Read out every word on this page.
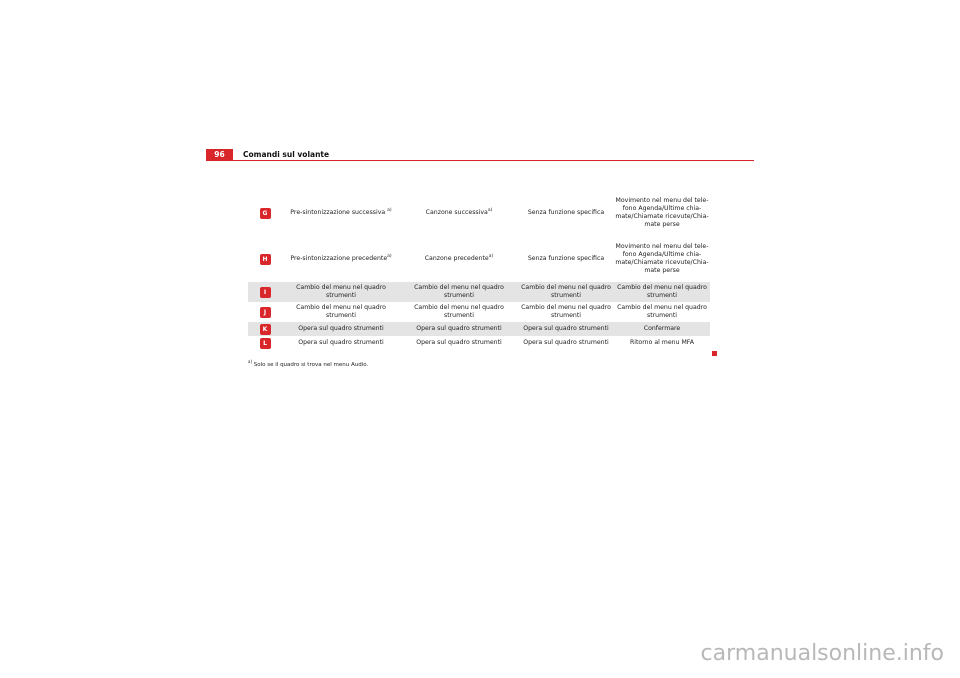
96	Comandi sul volante
G	Pre-sintonizzazione successiva $^{a)}$	Canzone successiva$^{a)}$	Senza funzione specifica	Movimento nel menu del tele-fono Agenda/Ultime chia-mate/Chiamate ricevute/Chia-mate perse
H	Pre-sintonizzazione precedente$^{a)}$	Canzone precedente$^{a)}$	Senza funzione specifica	Movimento nel menu del tele-fono Agenda/Ultime chia-mate/Chiamate ricevute/Chia-mate perse
I	Cambio del menu nel quadro strumenti	Cambio del menu nel quadro strumenti	Cambio del menu nel quadro strumenti	Cambio del menu nel quadro strumenti
J	Cambio del menu nel quadro strumenti	Cambio del menu nel quadro strumenti	Cambio del menu nel quadro strumenti	Cambio del menu nel quadro strumenti
K	Opera sul quadro strumenti	Opera sul quadro strumenti	Opera sul quadro strumenti	Confermare
L	Opera sul quadro strumenti	Opera sul quadro strumenti	Opera sul quadro strumenti	Ritorno al menu MFA
$^{a)}$ Solo se il quadro si trova nel menu Audio.
carmanualsonline.info
